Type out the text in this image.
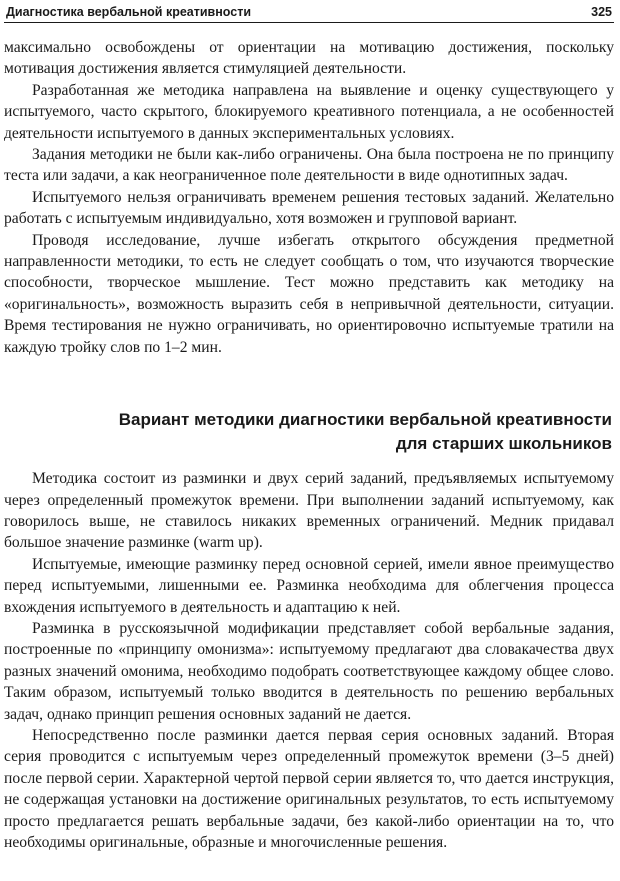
Диагностика вербальной креативности	325

максимально освобождены от ориентации на мотивацию достижения, поскольку мотивация достижения является стимуляцией деятельности.

Разработанная же методика направлена на выявление и оценку существующего у испытуемого, часто скрытого, блокируемого креативного потенциала, а не особенностей деятельности испытуемого в данных экспериментальных условиях.

Задания методики не были как-либо ограничены. Она была построена не по принципу теста или задачи, а как неограниченное поле деятельности в виде однотипных задач.

Испытуемого нельзя ограничивать временем решения тестовых заданий. Желательно работать с испытуемым индивидуально, хотя возможен и групповой вариант.

Проводя исследование, лучше избегать открытого обсуждения предметной направленности методики, то есть не следует сообщать о том, что изучаются творческие способности, творческое мышление. Тест можно представить как методику на «оригинальность», возможность выразить себя в непривычной деятельности, ситуации. Время тестирования не нужно ограничивать, но ориентировочно испытуемые тратили на каждую тройку слов по 1–2 мин.

Вариант методики диагностики вербальной креативности
для старших школьников

Методика состоит из разминки и двух серий заданий, предъявляемых испытуемому через определенный промежуток времени. При выполнении заданий испытуемому, как говорилось выше, не ставилось никаких временных ограничений. Медник придавал большое значение разминке (warm up).

Испытуемые, имеющие разминку перед основной серией, имели явное преимущество перед испытуемыми, лишенными ее. Разминка необходима для облегчения процесса вхождения испытуемого в деятельность и адаптацию к ней.

Разминка в русскоязычной модификации представляет собой вербальные задания, построенные по «принципу омонизма»: испытуемому предлагают два словакачества двух разных значений омонима, необходимо подобрать соответствующее каждому общее слово. Таким образом, испытуемый только вводится в деятельность по решению вербальных задач, однако принцип решения основных заданий не дается.

Непосредственно после разминки дается первая серия основных заданий. Вторая серия проводится с испытуемым через определенный промежуток времени (3–5 дней) после первой серии. Характерной чертой первой серии является то, что дается инструкция, не содержащая установки на достижение оригинальных результатов, то есть испытуемому просто предлагается решать вербальные задачи, без какой-либо ориентации на то, что необходимы оригинальные, образные и многочисленные решения.
